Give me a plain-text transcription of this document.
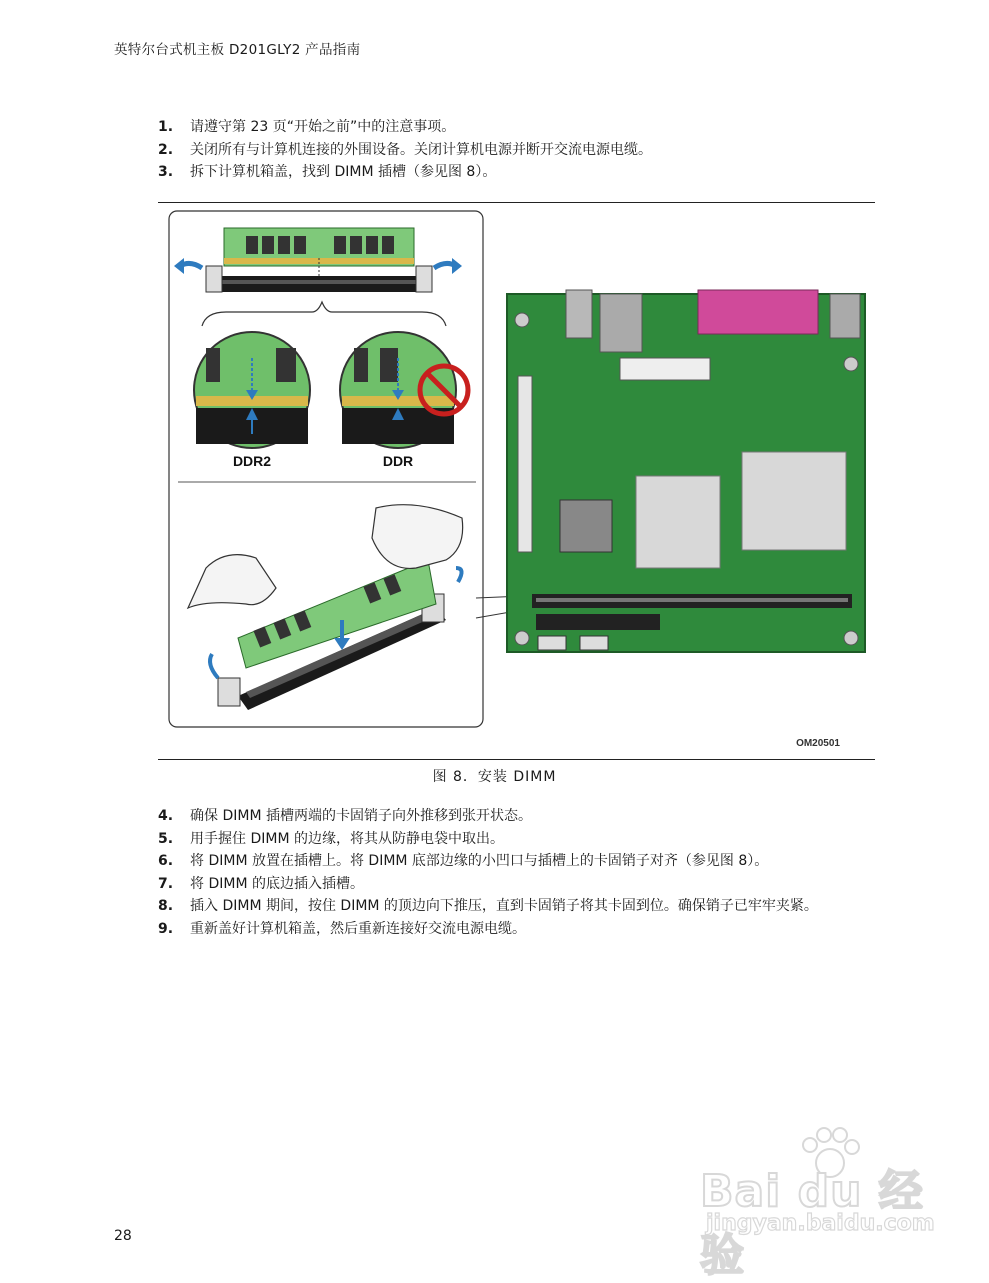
英特尔台式机主板 D201GLY2 产品指南
1.	请遵守第 23 页“开始之前”中的注意事项。
2.	关闭所有与计算机连接的外围设备。关闭计算机电源并断开交流电源电缆。
3.	拆下计算机箱盖，找到 DIMM 插槽（参见图 8）。
DDR2	DDR
OM20501
图 8．安装 DIMM
4.	确保 DIMM 插槽两端的卡固销子向外推移到张开状态。
5.	用手握住 DIMM 的边缘，将其从防静电袋中取出。
6.	将 DIMM 放置在插槽上。将 DIMM 底部边缘的小凹口与插槽上的卡固销子对齐（参见图 8）。
7.	将 DIMM 的底边插入插槽。
8.	插入 DIMM 期间，按住 DIMM 的顶边向下推压，直到卡固销子将其卡固到位。确保销子已牢牢夹紧。
9.	重新盖好计算机箱盖，然后重新连接好交流电源电缆。
28
Bai du 经验
jingyan.baidu.com
